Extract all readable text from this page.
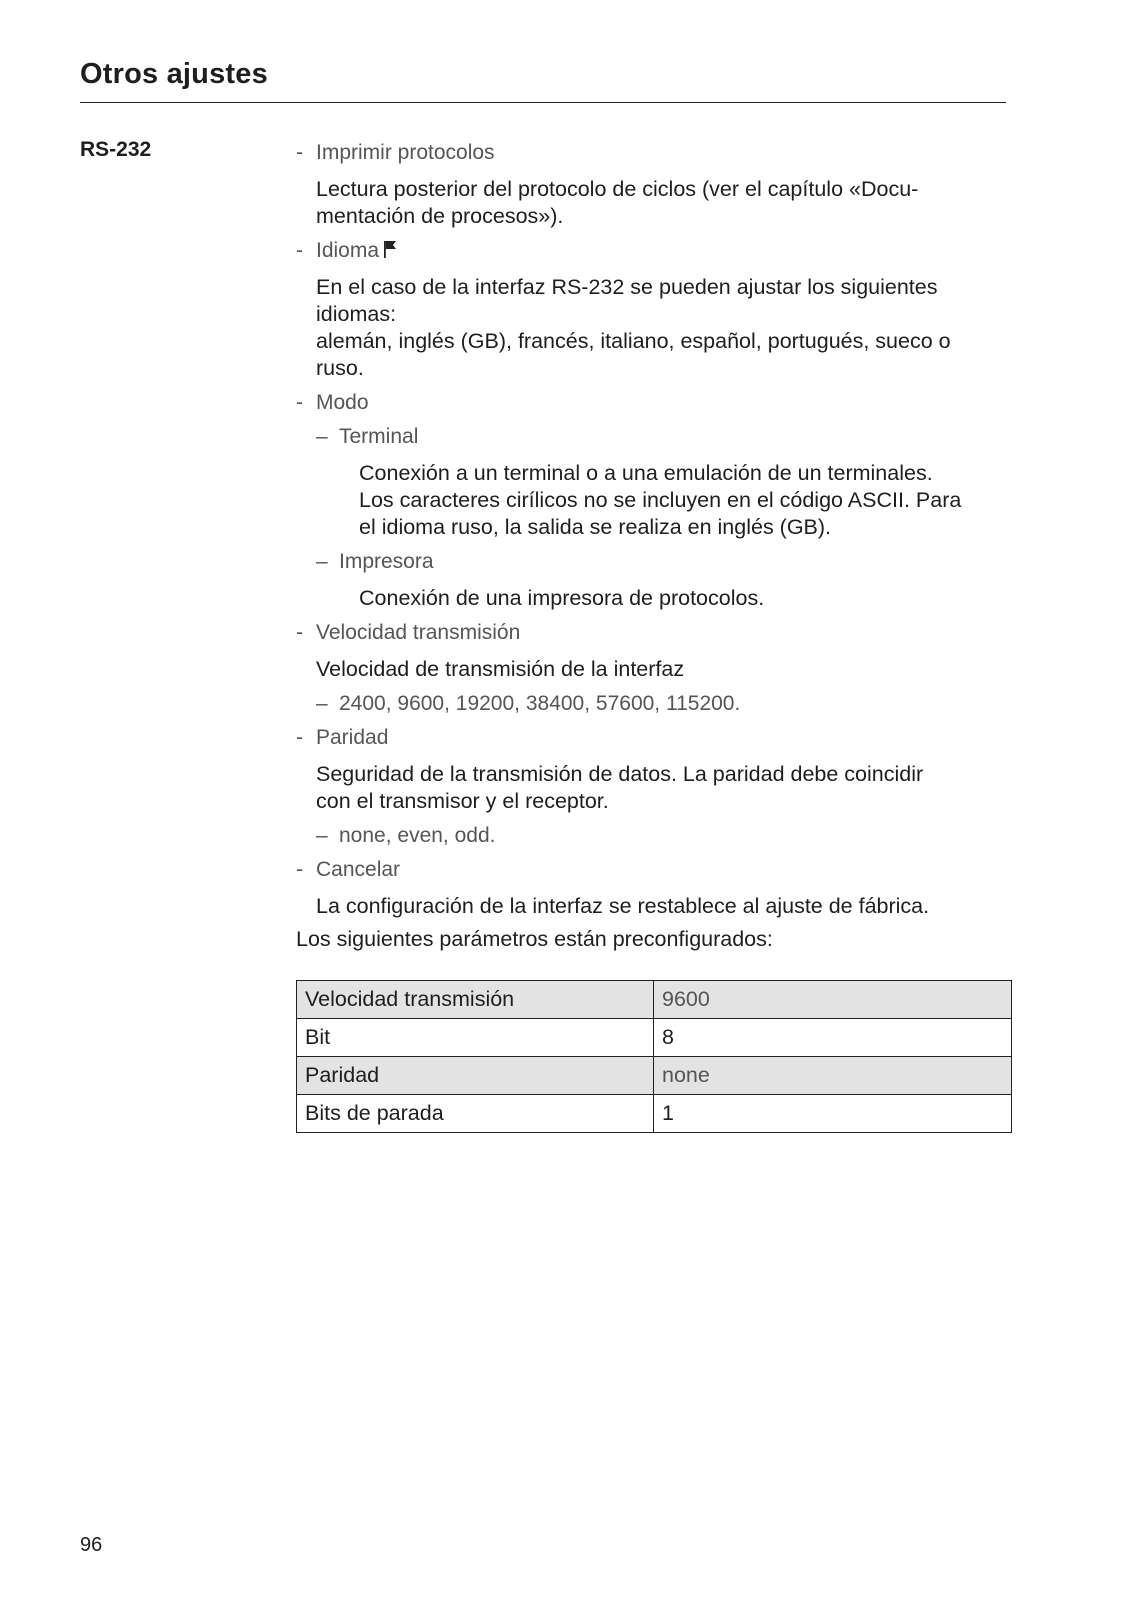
Otros ajustes
RS-232	- Imprimir protocolos
Lectura posterior del protocolo de ciclos (ver el capítulo «Docu-
mentación de procesos»).
- Idioma
En el caso de la interfaz RS-232 se pueden ajustar los siguientes
idiomas:
alemán, inglés (GB), francés, italiano, español, portugués, sueco o
ruso.
- Modo
– Terminal
Conexión a un terminal o a una emulación de un terminales.
Los caracteres cirílicos no se incluyen en el código ASCII. Para
el idioma ruso, la salida se realiza en inglés (GB).
– Impresora
Conexión de una impresora de protocolos.
- Velocidad transmisión
Velocidad de transmisión de la interfaz
– 2400, 9600, 19200, 38400, 57600, 115200.
- Paridad
Seguridad de la transmisión de datos. La paridad debe coincidir
con el transmisor y el receptor.
– none, even, odd.
- Cancelar
La configuración de la interfaz se restablece al ajuste de fábrica.
Los siguientes parámetros están preconfigurados:
Velocidad transmisión	9600
Bit	8
Paridad	none
Bits de parada	1
96
